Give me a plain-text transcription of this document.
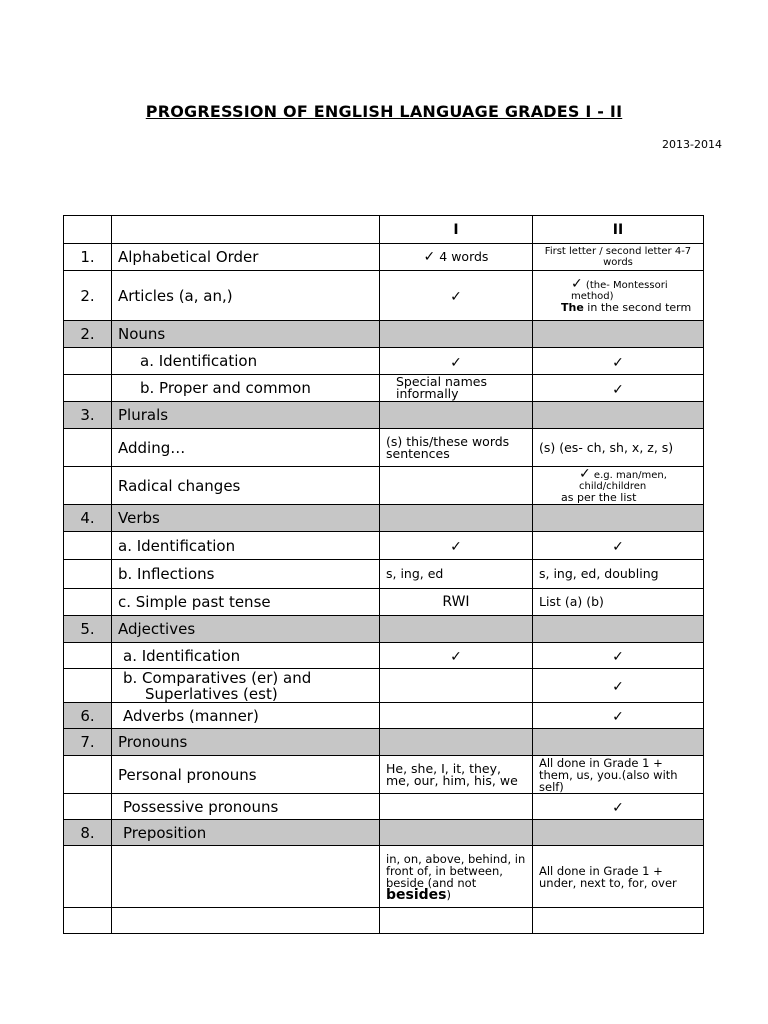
PROGRESSION OF ENGLISH LANGUAGE GRADES I - II
2013-2014
		I	II
1.	Alphabetical Order	✓ 4 words	First letter / second letter 4-7 words
2.	Articles (a, an,)	✓	✓ (the- Montessori method)
The in the second term

2.	Nouns		
	a. Identification	✓	✓
	b. Proper and common	Special names informally	✓
3.	Plurals		
	Adding…	(s) this/these words sentences	(s) (es- ch, sh, x, z, s)
	Radical changes		✓ e.g. man/men, child/children
as per the list

4.	Verbs		
	a. Identification	✓	✓
	b. Inflections	s, ing, ed	s, ing, ed, doubling
	c. Simple past tense	RWI	List (a) (b)
5.	Adjectives		
	a. Identification	✓	✓

	b. Comparatives (er) and
Superlatives (est)		✓
6.	Adverbs (manner)		✓
7.	Pronouns		
	Personal pronouns	He, she, I, it, they, me, our, him, his, we	All done in Grade 1 + them, us, you.(also with self)
	Possessive pronouns		✓
8.	Preposition		

		in, on, above, behind, in front of, in between,
beside (and not besides)	All done in Grade 1 + under, next to, for, over
